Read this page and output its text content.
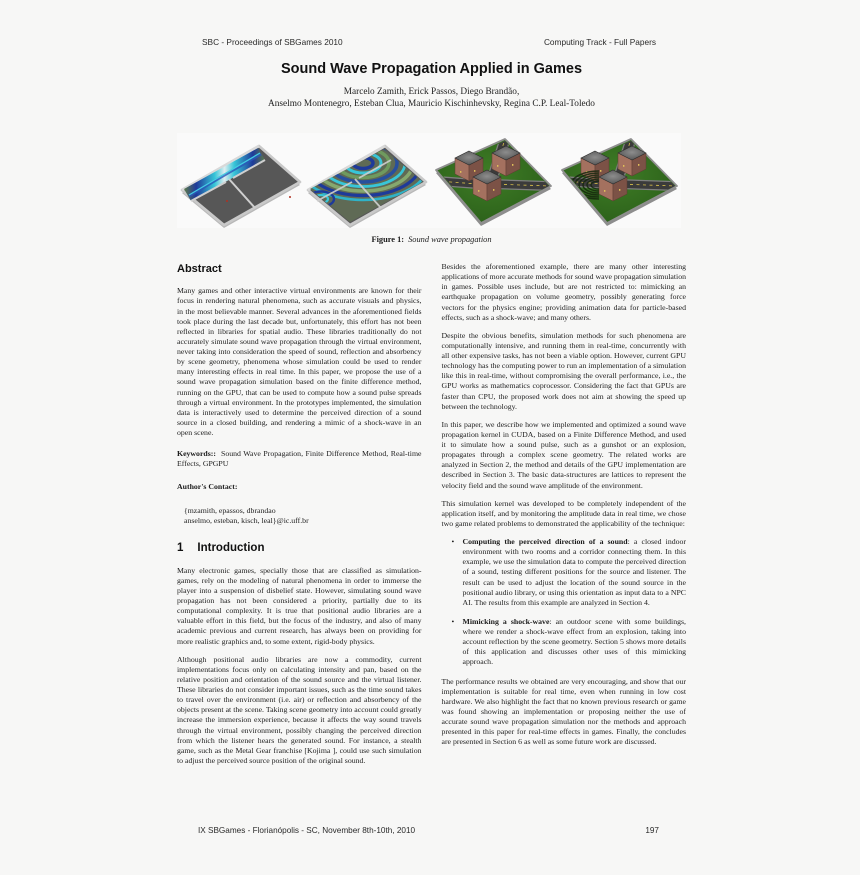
SBC - Proceedings of SBGames 2010	Computing Track - Full Papers
Sound Wave Propagation Applied in Games
Marcelo Zamith, Erick Passos, Diego Brandão,
Anselmo Montenegro, Esteban Clua, Mauricio Kischinhevsky, Regina C.P. Leal-Toledo
Figure 1: Sound wave propagation
Abstract

Many games and other interactive virtual environments are known for their focus in rendering natural phenomena, such as accurate visuals and physics, in the most believable manner. Several advances in the aforementioned fields took place during the last decade but, unfortunately, this effort has not been reflected in libraries for spatial audio. These libraries traditionally do not accurately simulate sound wave propagation through the virtual environment, never taking into consideration the speed of sound, reflection and absorbency by scene geometry, phenomena whose simulation could be used to render many interesting effects in real time. In this paper, we propose the use of a sound wave propagation simulation based on the finite difference method, running on the GPU, that can be used to compute how a sound pulse spreads through a virtual environment. In the prototypes implemented, the simulation data is interactively used to determine the perceived direction of a sound source in a closed building, and rendering a mimic of a shock-wave in an open scene.

Keywords:: Sound Wave Propagation, Finite Difference Method, Real-time Effects, GPGPU

Author's Contact:
{mzamith, epassos, dbrandao
anselmo, esteban, kisch, leal}@ic.uff.br
1 Introduction

Many electronic games, specially those that are classified as simulation-games, rely on the modeling of natural phenomena in order to immerse the player into a suspension of disbelief state. However, simulating sound wave propagation has not been considered a priority, partially due to its computational complexity. It is true that positional audio libraries are a valuable effort in this field, but the focus of the industry, and also of many academic previous and current research, has always been on providing for more realistic graphics and, to some extent, rigid-body physics.

Although positional audio libraries are now a commodity, current implementations focus only on calculating intensity and pan, based on the relative position and orientation of the sound source and the virtual listener. These libraries do not consider important issues, such as the time sound takes to travel over the environment (i.e. air) or reflection and absorbency of the objects present at the scene. Taking scene geometry into account could greatly increase the immersion experience, because it affects the way sound travels through the virtual environment, possibly changing the perceived direction from which the listener hears the generated sound. For instance, a stealth game, such as the Metal Gear franchise [Kojima ], could use such simulation to adjust the perceived source position of the original sound.

Besides the aforementioned example, there are many other interesting applications of more accurate methods for sound wave propagation simulation in games. Possible uses include, but are not restricted to: mimicking an earthquake propagation on volume geometry, possibly generating force vectors for the physics engine; providing animation data for particle-based effects, such as a shock-wave; and many others.

Despite the obvious benefits, simulation methods for such phenomena are computationally intensive, and running them in real-time, concurrently with all other expensive tasks, has not been a viable option. However, current GPU technology has the computing power to run an implementation of a simulation like this in real-time, without compromising the overall performance, i.e., the GPU works as mathematics coprocessor. Considering the fact that GPUs are faster than CPU, the proposed work does not aim at showing the speed up between the technology.

In this paper, we describe how we implemented and optimized a sound wave propagation kernel in CUDA, based on a Finite Difference Method, and used it to simulate how a sound pulse, such as a gunshot or an explosion, propagates through a complex scene geometry. The related works are analyzed in Section 2, the method and details of the GPU implementation are described in Section 3. The basic data-structures are lattices to represent the velocity field and the sound wave amplitude of the environment.

This simulation kernel was developed to be completely independent of the application itself, and by monitoring the amplitude data in real time, we chose two game related problems to demonstrated the applicability of the technique:

• Computing the perceived direction of a sound: a closed indoor environment with two rooms and a corridor connecting them. In this example, we use the simulation data to compute the perceived direction of a sound, testing different positions for the source and listener. The result can be used to adjust the location of the sound source in the positional audio library, or using this orientation as input data to a NPC AI. The results from this example are analyzed in Section 4.
• Mimicking a shock-wave: an outdoor scene with some buildings, where we render a shock-wave effect from an explosion, taking into account reflection by the scene geometry. Section 5 shows more details of this application and discusses other uses of this mimicking approach.

The performance results we obtained are very encouraging, and show that our implementation is suitable for real time, even when running in low cost hardware. We also highlight the fact that no known previous research or game was found showing an implementation or proposing neither the use of accurate sound wave propagation simulation nor the methods and approach presented in this paper for real-time effects in games. Finally, the concludes are presented in Section 6 as well as some future work are discussed.

IX SBGames - Florianópolis - SC, November 8th-10th, 2010	197
